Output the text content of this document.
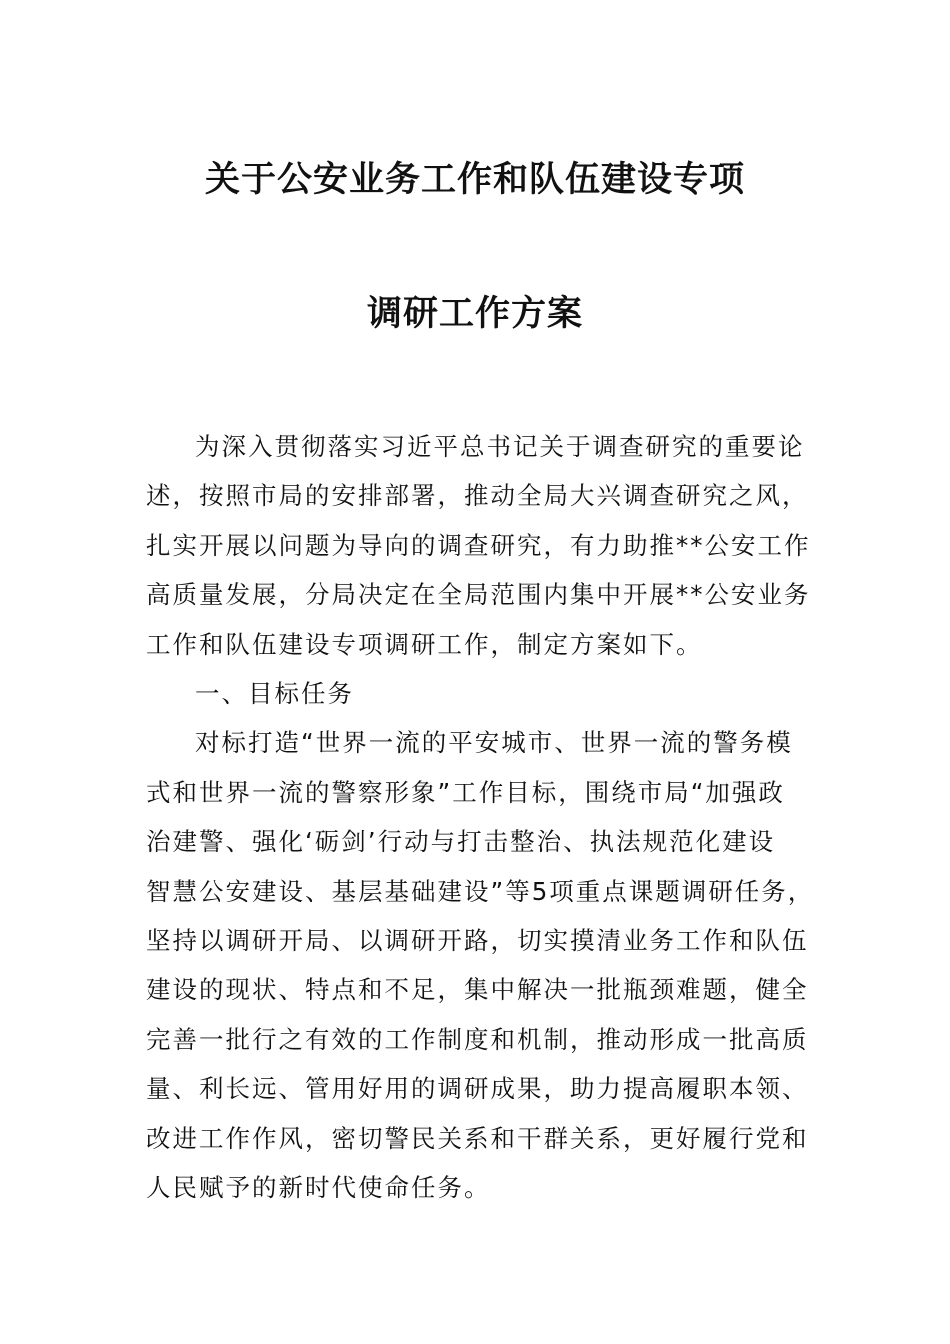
关于公安业务工作和队伍建设专项
调研工作方案

为深入贯彻落实习近平总书记关于调查研究的重要论
述，按照市局的安排部署，推动全局大兴调查研究之风，
扎实开展以问题为导向的调查研究，有力助推**公安工作
高质量发展，分局决定在全局范围内集中开展**公安业务
工作和队伍建设专项调研工作，制定方案如下。

一、目标任务

对标打造“世界一流的平安城市、世界一流的警务模
式和世界一流的警察形象”工作目标，围绕市局“加强政
治建警、强化‘砺剑’行动与打击整治、执法规范化建设
智慧公安建设、基层基础建设”等5项重点课题调研任务，
坚持以调研开局、以调研开路，切实摸清业务工作和队伍
建设的现状、特点和不足，集中解决一批瓶颈难题，健全
完善一批行之有效的工作制度和机制，推动形成一批高质
量、利长远、管用好用的调研成果，助力提高履职本领、
改进工作作风，密切警民关系和干群关系，更好履行党和
人民赋予的新时代使命任务。
